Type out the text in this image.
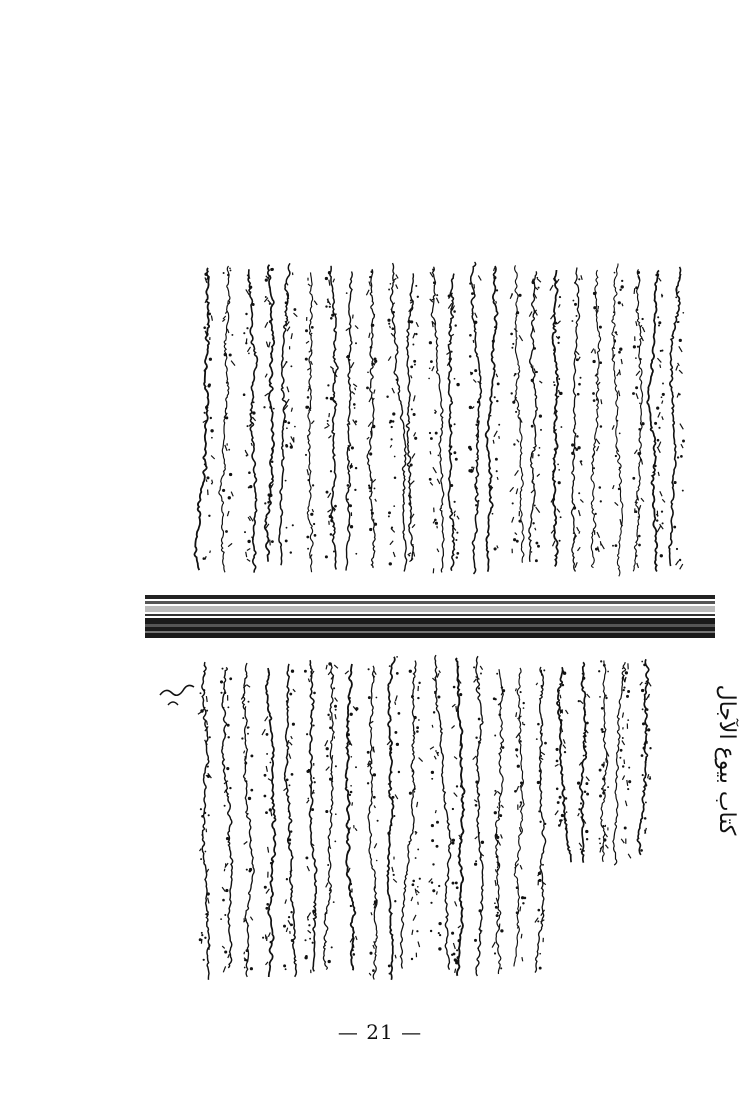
كتاب بيوع الآجال
— 21 —
